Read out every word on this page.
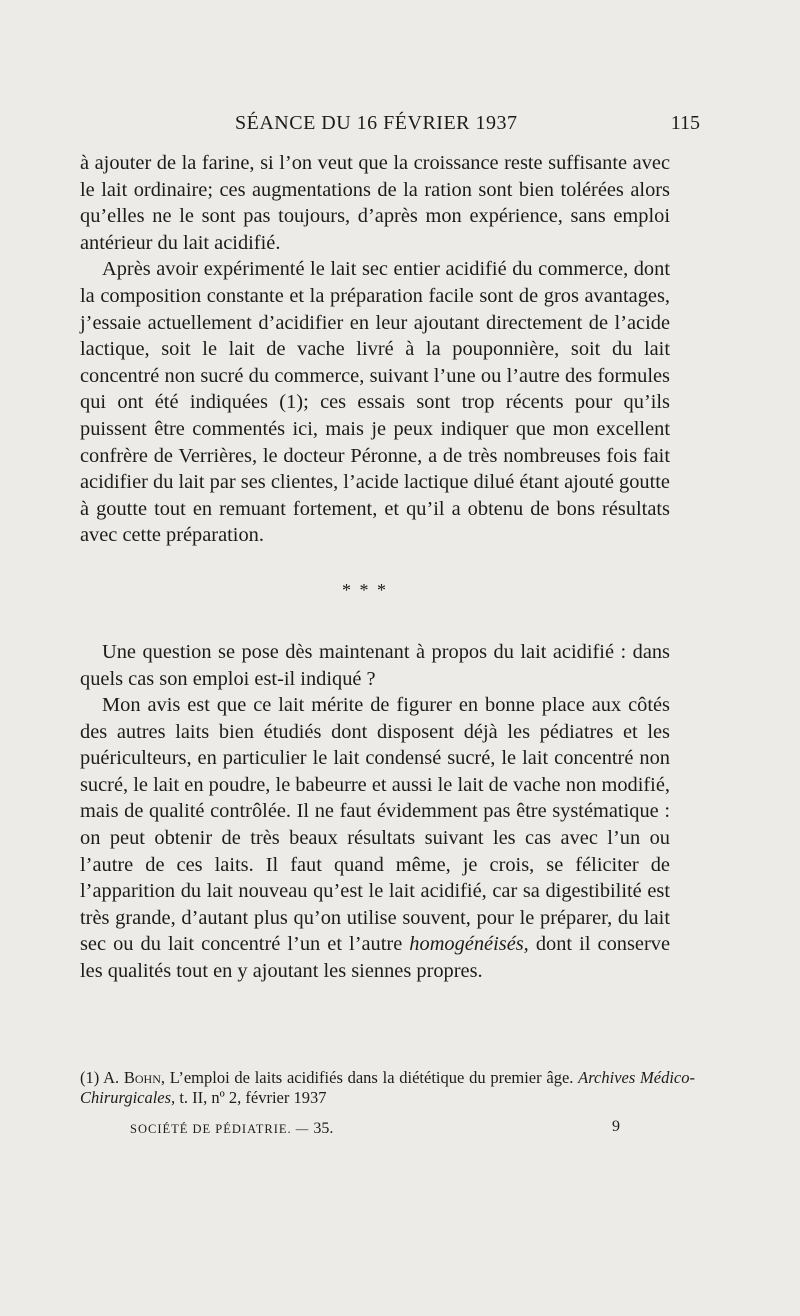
SÉANCE DU 16 FÉVRIER 1937	115

à ajouter de la farine, si l’on veut que la croissance reste suffisante avec le lait ordinaire; ces augmentations de la ration sont bien tolérées alors qu’elles ne le sont pas toujours, d’après mon expérience, sans emploi antérieur du lait acidifié.

Après avoir expérimenté le lait sec entier acidifié du commerce, dont la composition constante et la préparation facile sont de gros avantages, j’essaie actuellement d’acidifier en leur ajoutant directement de l’acide lactique, soit le lait de vache livré à la pouponnière, soit du lait concentré non sucré du commerce, suivant l’une ou l’autre des formules qui ont été indiquées (1); ces essais sont trop récents pour qu’ils puissent être commentés ici, mais je peux indiquer que mon excellent confrère de Verrières, le docteur Péronne, a de très nombreuses fois fait acidifier du lait par ses clientes, l’acide lactique dilué étant ajouté goutte à goutte tout en remuant fortement, et qu’il a obtenu de bons résultats avec cette préparation.

* * *

Une question se pose dès maintenant à propos du lait acidifié : dans quels cas son emploi est-il indiqué ?

Mon avis est que ce lait mérite de figurer en bonne place aux côtés des autres laits bien étudiés dont disposent déjà les pédiatres et les puériculteurs, en particulier le lait condensé sucré, le lait concentré non sucré, le lait en poudre, le babeurre et aussi le lait de vache non modifié, mais de qualité contrôlée. Il ne faut évidemment pas être systématique : on peut obtenir de très beaux résultats suivant les cas avec l’un ou l’autre de ces laits. Il faut quand même, je crois, se féliciter de l’apparition du lait nouveau qu’est le lait acidifié, car sa digestibilité est très grande, d’autant plus qu’on utilise souvent, pour le préparer, du lait sec ou du lait concentré l’un et l’autre homogénéisés, dont il conserve les qualités tout en y ajoutant les siennes propres.

(1) A. Bohn, L’emploi de laits acidifiés dans la diététique du premier âge. Archives Médico-Chirurgicales, t. II, nº 2, février 1937
SOCIÉTÉ DE PÉDIATRIE. — 35.	9
